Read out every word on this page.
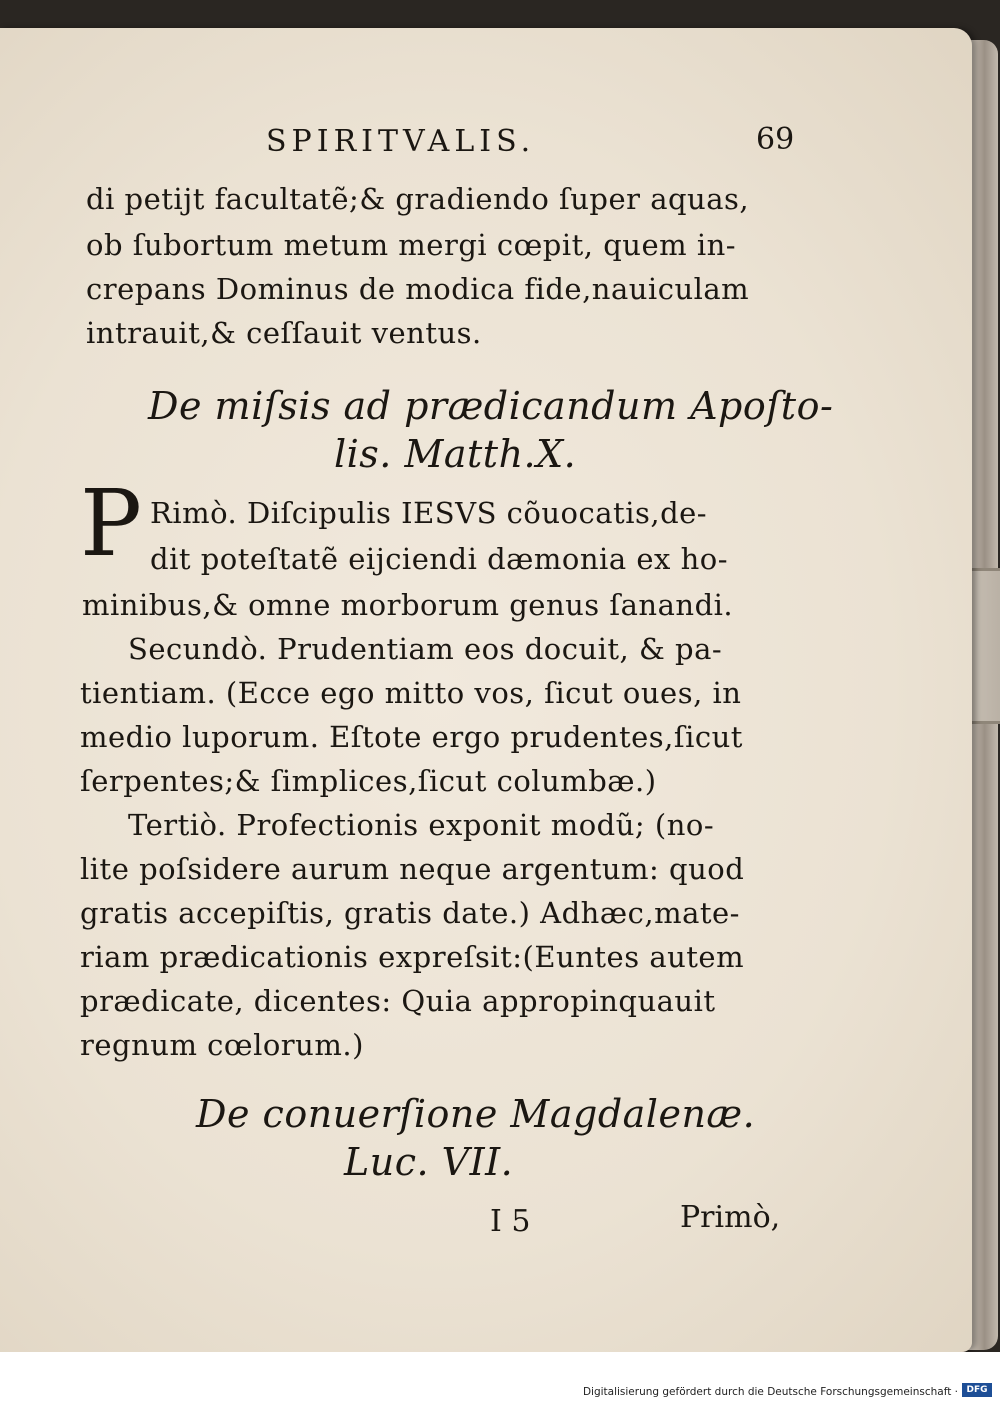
SPIRITVALIS.	69
di petijt facultatẽ;& gradiendo ſuper aquas,
ob ſubortum metum mergi cœpit, quem in-
crepans Dominus de modica fide,nauiculam
intrauit,& ceſſauit ventus.
De miſsis ad prædicandum Apoſto-
lis. Matth.X.
P Rimò. Diſcipulis IESVS cõuocatis,de-
dit poteſtatẽ eijciendi dæmonia ex ho-
minibus,& omne morborum genus ſanandi.
Secundò. Prudentiam eos docuit, & pa-
tientiam. (Ecce ego mitto vos, ſicut oues, in
medio luporum. Eſtote ergo prudentes,ſicut
ſerpentes;& ſimplices,ſicut columbæ.)
Tertiò. Profectionis exponit modũ; (no-
lite poſsidere aurum neque argentum: quod
gratis accepiſtis, gratis date.) Adhæc,mate-
riam prædicationis expreſsit:(Euntes autem
prædicate, dicentes: Quia appropinquauit
regnum cœlorum.)
De conuerſione Magdalenæ.
Luc. VII.
I 5	Primò,
Digitalisierung gefördert durch die Deutsche Forschungsgemeinschaft · DFG
